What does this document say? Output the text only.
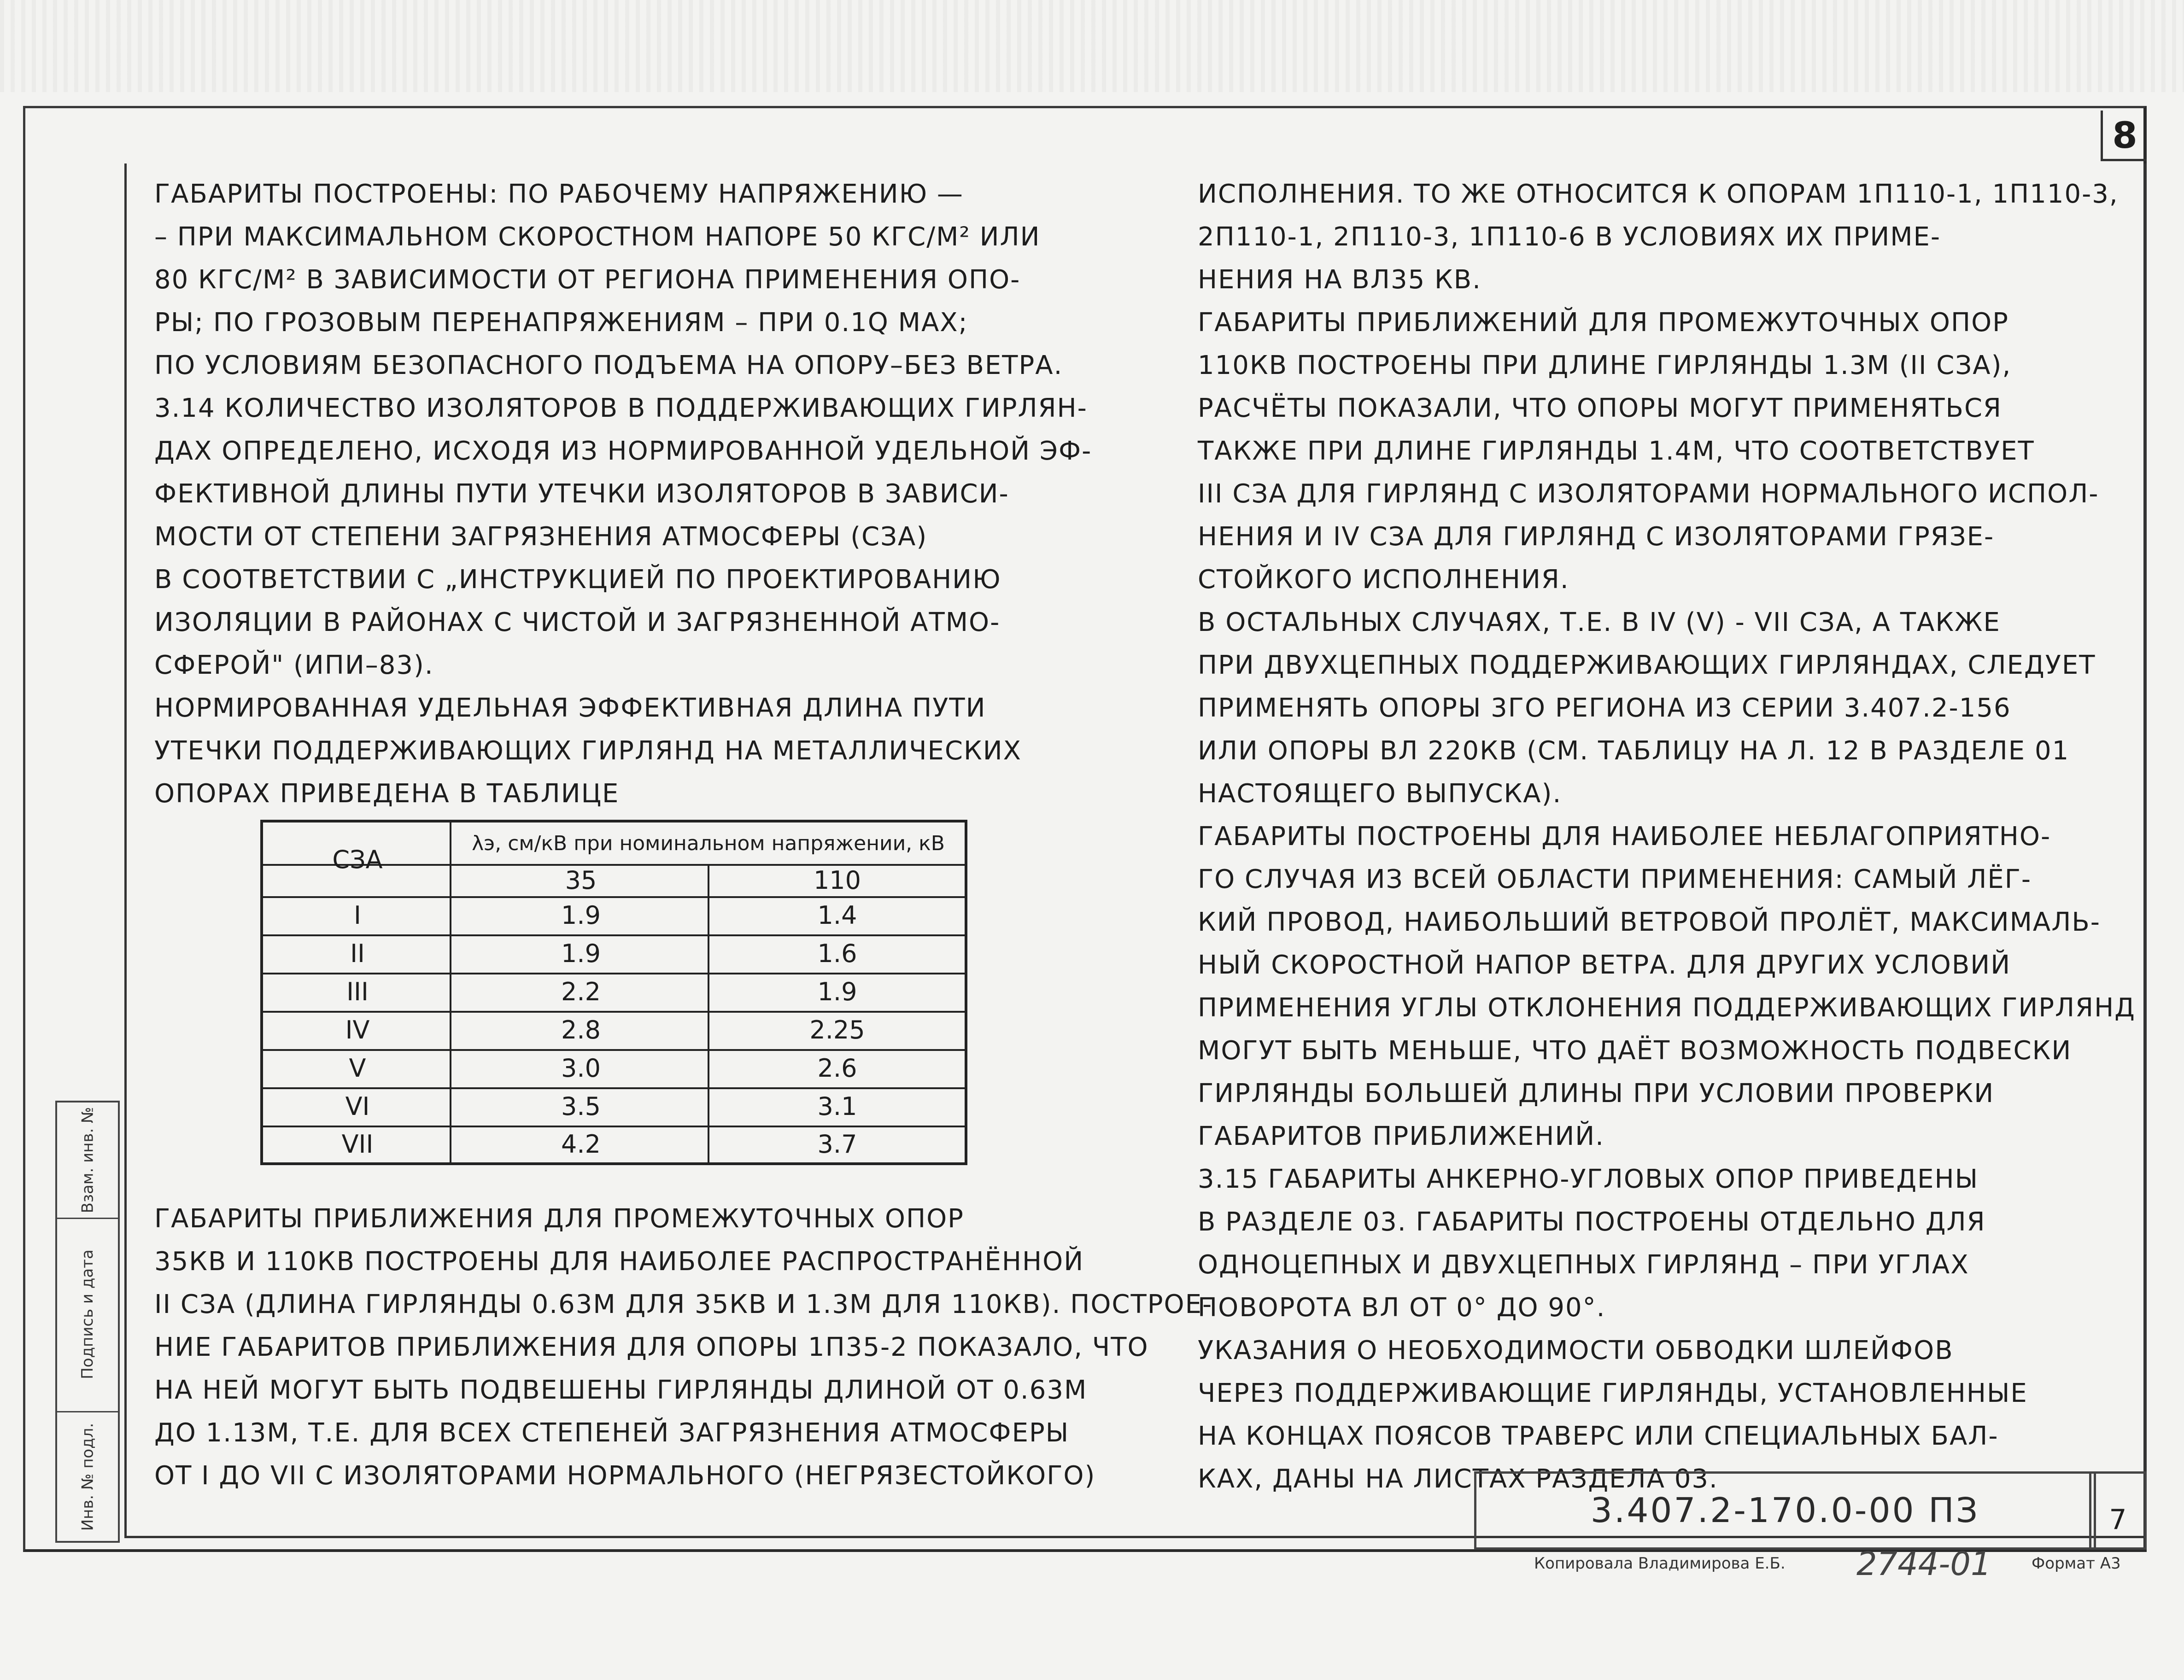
8

ГАБАРИТЫ ПОСТРОЕНЫ: ПО РАБОЧЕМУ НАПРЯЖЕНИЮ —

– ПРИ МАКСИМАЛЬНОМ СКОРОСТНОМ НАПОРЕ 50 КГС/М² ИЛИ

80 КГС/М² В ЗАВИСИМОСТИ ОТ РЕГИОНА ПРИМЕНЕНИЯ ОПО-

РЫ; ПО ГРОЗОВЫМ ПЕРЕНАПРЯЖЕНИЯМ – ПРИ 0.1Q MAX;

ПО УСЛОВИЯМ БЕЗОПАСНОГО ПОДЪЕМА НА ОПОРУ–БЕЗ ВЕТРА.

3.14 КОЛИЧЕСТВО ИЗОЛЯТОРОВ В ПОДДЕРЖИВАЮЩИХ ГИРЛЯН-

ДАХ ОПРЕДЕЛЕНО, ИСХОДЯ ИЗ НОРМИРОВАННОЙ УДЕЛЬНОЙ ЭФ-

ФЕКТИВНОЙ ДЛИНЫ ПУТИ УТЕЧКИ ИЗОЛЯТОРОВ В ЗАВИСИ-

МОСТИ ОТ СТЕПЕНИ ЗАГРЯЗНЕНИЯ АТМОСФЕРЫ (СЗА)

В СООТВЕТСТВИИ С „ИНСТРУКЦИЕЙ ПО ПРОЕКТИРОВАНИЮ

ИЗОЛЯЦИИ В РАЙОНАХ С ЧИСТОЙ И ЗАГРЯЗНЕННОЙ АТМО-

СФЕРОЙ" (ИПИ–83).

НОРМИРОВАННАЯ УДЕЛЬНАЯ ЭФФЕКТИВНАЯ ДЛИНА ПУТИ

УТЕЧКИ ПОДДЕРЖИВАЮЩИХ ГИРЛЯНД НА МЕТАЛЛИЧЕСКИХ

ОПОРАХ ПРИВЕДЕНА В ТАБЛИЦЕ

λэ, см/кВ при номинальном напряжении, кВ
35	110
СЗА
I	1.9	1.4
II	1.9	1.6
III	2.2	1.9
IV	2.8	2.25
V	3.0	2.6
VI	3.5	3.1
VII	4.2	3.7

ГАБАРИТЫ ПРИБЛИЖЕНИЯ ДЛЯ ПРОМЕЖУТОЧНЫХ ОПОР

35КВ И 110КВ ПОСТРОЕНЫ ДЛЯ НАИБОЛЕЕ РАСПРОСТРАНЁННОЙ

II СЗА (ДЛИНА ГИРЛЯНДЫ 0.63М ДЛЯ 35КВ И 1.3М ДЛЯ 110КВ). ПОСТРОЕ-

НИЕ ГАБАРИТОВ ПРИБЛИЖЕНИЯ ДЛЯ ОПОРЫ 1П35-2 ПОКАЗАЛО, ЧТО

НА НЕЙ МОГУТ БЫТЬ ПОДВЕШЕНЫ ГИРЛЯНДЫ ДЛИНОЙ ОТ 0.63М

ДО 1.13М, Т.Е. ДЛЯ ВСЕХ СТЕПЕНЕЙ ЗАГРЯЗНЕНИЯ АТМОСФЕРЫ

ОТ I ДО VII С ИЗОЛЯТОРАМИ НОРМАЛЬНОГО (НЕГРЯЗЕСТОЙКОГО)

ИСПОЛНЕНИЯ. ТО ЖЕ ОТНОСИТСЯ К ОПОРАМ 1П110-1, 1П110-3,

2П110-1, 2П110-3, 1П110-6 В УСЛОВИЯХ ИХ ПРИМЕ-

НЕНИЯ НА ВЛ35 КВ.

ГАБАРИТЫ ПРИБЛИЖЕНИЙ ДЛЯ ПРОМЕЖУТОЧНЫХ ОПОР

110КВ ПОСТРОЕНЫ ПРИ ДЛИНЕ ГИРЛЯНДЫ 1.3М (II СЗА),

РАСЧЁТЫ ПОКАЗАЛИ, ЧТО ОПОРЫ МОГУТ ПРИМЕНЯТЬСЯ

ТАКЖЕ ПРИ ДЛИНЕ ГИРЛЯНДЫ 1.4М, ЧТО СООТВЕТСТВУЕТ

III СЗА ДЛЯ ГИРЛЯНД С ИЗОЛЯТОРАМИ НОРМАЛЬНОГО ИСПОЛ-

НЕНИЯ И IV СЗА ДЛЯ ГИРЛЯНД С ИЗОЛЯТОРАМИ ГРЯЗЕ-

СТОЙКОГО ИСПОЛНЕНИЯ.

В ОСТАЛЬНЫХ СЛУЧАЯХ, Т.Е. В IV (V) - VII СЗА, А ТАКЖЕ

ПРИ ДВУХЦЕПНЫХ ПОДДЕРЖИВАЮЩИХ ГИРЛЯНДАХ, СЛЕДУЕТ

ПРИМЕНЯТЬ ОПОРЫ 3ГО РЕГИОНА ИЗ СЕРИИ 3.407.2-156

ИЛИ ОПОРЫ ВЛ 220КВ (СМ. ТАБЛИЦУ НА Л. 12 В РАЗДЕЛЕ 01

НАСТОЯЩЕГО ВЫПУСКА).

ГАБАРИТЫ ПОСТРОЕНЫ ДЛЯ НАИБОЛЕЕ НЕБЛАГОПРИЯТНО-

ГО СЛУЧАЯ ИЗ ВСЕЙ ОБЛАСТИ ПРИМЕНЕНИЯ: САМЫЙ ЛЁГ-

КИЙ ПРОВОД, НАИБОЛЬШИЙ ВЕТРОВОЙ ПРОЛЁТ, МАКСИМАЛЬ-

НЫЙ СКОРОСТНОЙ НАПОР ВЕТРА. ДЛЯ ДРУГИХ УСЛОВИЙ

ПРИМЕНЕНИЯ УГЛЫ ОТКЛОНЕНИЯ ПОДДЕРЖИВАЮЩИХ ГИРЛЯНД

МОГУТ БЫТЬ МЕНЬШЕ, ЧТО ДАЁТ ВОЗМОЖНОСТЬ ПОДВЕСКИ

ГИРЛЯНДЫ БОЛЬШЕЙ ДЛИНЫ ПРИ УСЛОВИИ ПРОВЕРКИ

ГАБАРИТОВ ПРИБЛИЖЕНИЙ.

3.15 ГАБАРИТЫ АНКЕРНО-УГЛОВЫХ ОПОР ПРИВЕДЕНЫ

В РАЗДЕЛЕ 03. ГАБАРИТЫ ПОСТРОЕНЫ ОТДЕЛЬНО ДЛЯ

ОДНОЦЕПНЫХ И ДВУХЦЕПНЫХ ГИРЛЯНД – ПРИ УГЛАХ

ПОВОРОТА ВЛ ОТ 0° ДО 90°.

УКАЗАНИЯ О НЕОБХОДИМОСТИ ОБВОДКИ ШЛЕЙФОВ

ЧЕРЕЗ ПОДДЕРЖИВАЮЩИЕ ГИРЛЯНДЫ, УСТАНОВЛЕННЫЕ

НА КОНЦАХ ПОЯСОВ ТРАВЕРС ИЛИ СПЕЦИАЛЬНЫХ БАЛ-

КАХ, ДАНЫ НА ЛИСТАХ РАЗДЕЛА 03.

Взам. инв. №
Подпись и дата
Инв. № подл.	3.407.2-170.0-00 ПЗ	7
Копировала Владимирова Е.Б. 2744-01	Формат А3
